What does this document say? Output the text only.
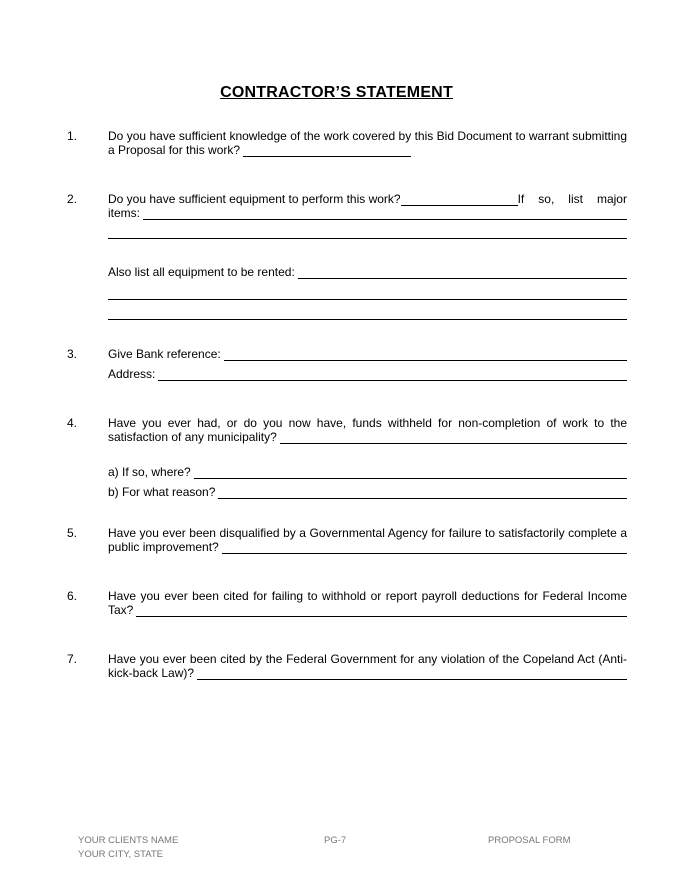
CONTRACTOR’S STATEMENT
1.	Do you have sufficient knowledge of the work covered by this Bid Document to warrant submitting
a Proposal for this work?
2.	Do you have sufficient equipment to perform this work?	If so, list major
items:
Also list all equipment to be rented:
3.	Give Bank reference:
Address:
4.	Have you ever had, or do you now have, funds withheld for non-completion of work to the
satisfaction of any municipality?
a) If so, where?
b) For what reason?
5.	Have you ever been disqualified by a Governmental Agency for failure to satisfactorily complete a
public improvement?
6.	Have you ever been cited for failing to withhold or report payroll deductions for Federal Income
Tax?
7.	Have you ever been cited by the Federal Government for any violation of the Copeland Act (Anti-
kick-back Law)?
YOUR CLIENTS NAME
YOUR CITY, STATE
PG-7	PROPOSAL FORM
